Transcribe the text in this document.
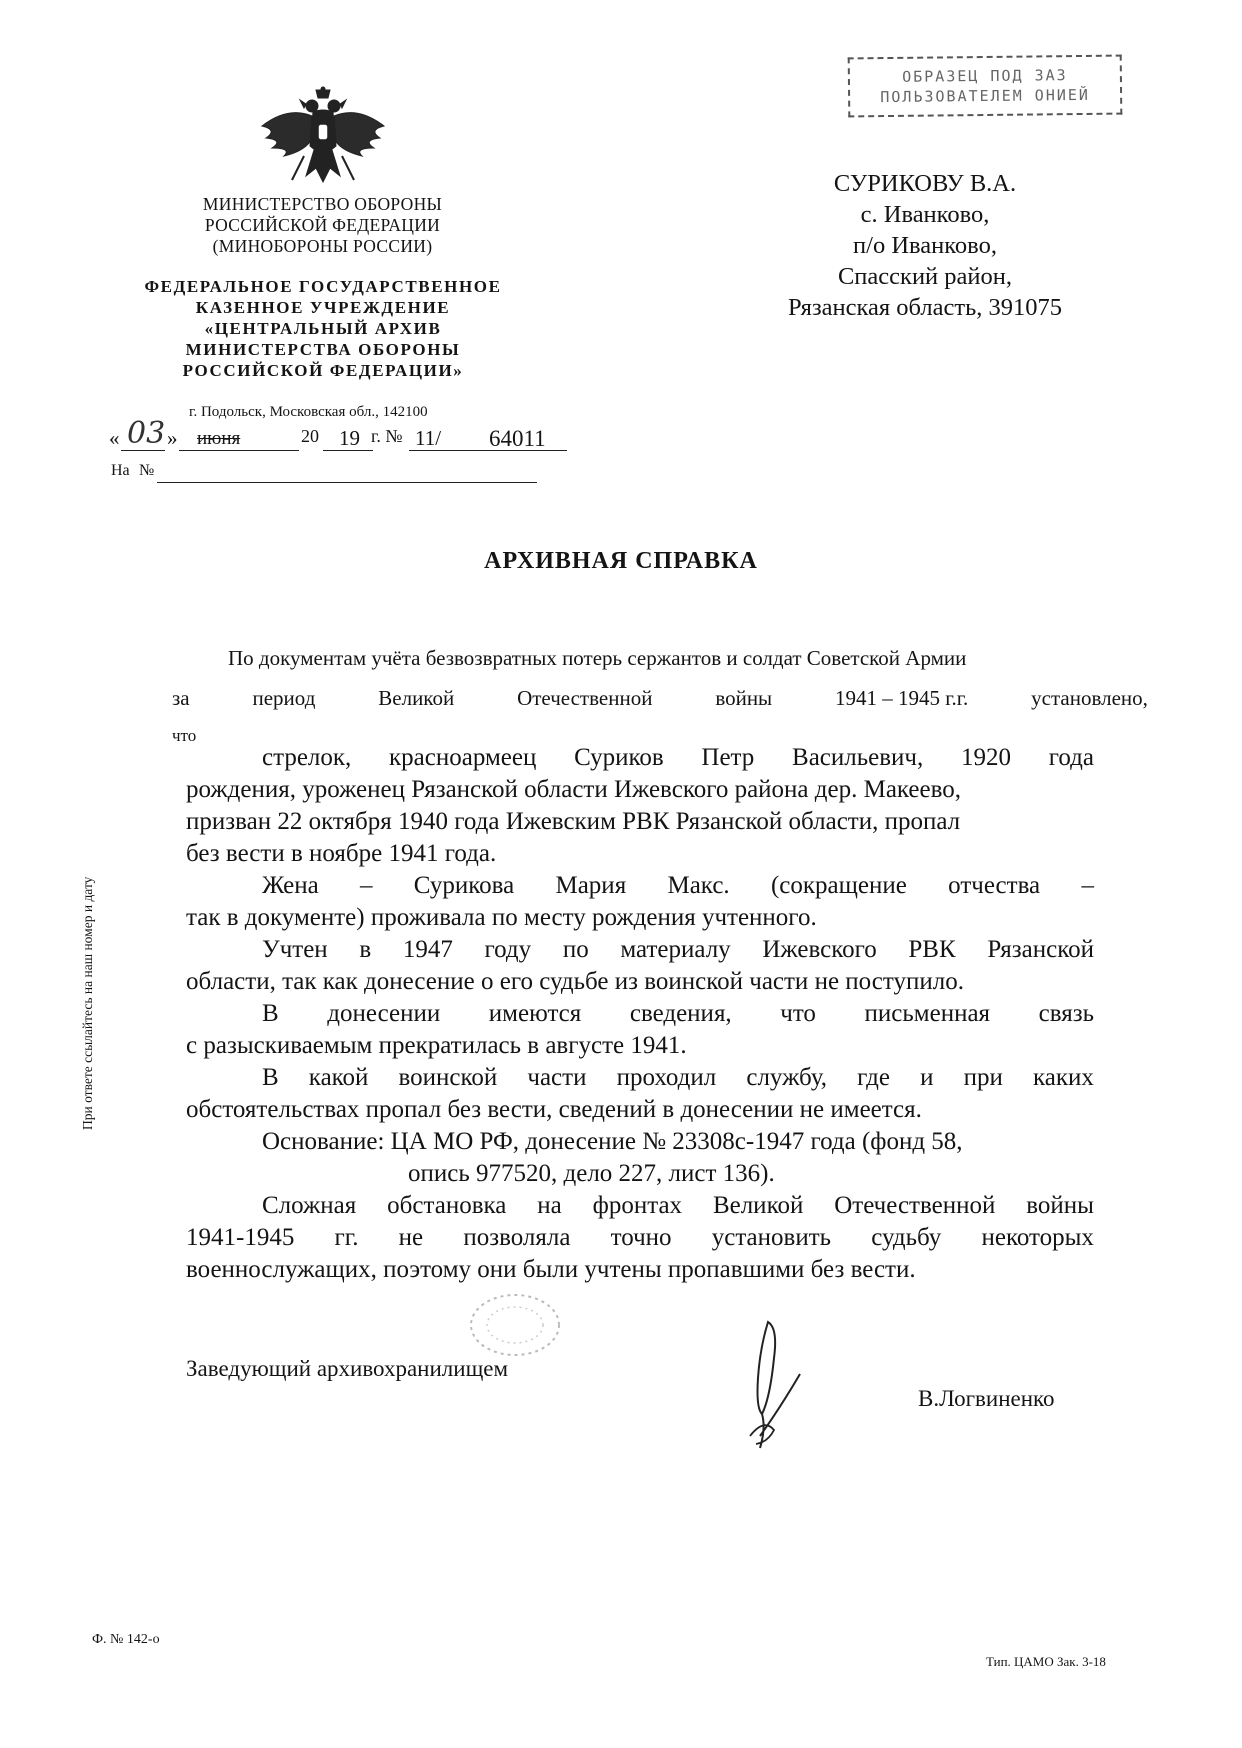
ОБРАЗЕЦ ПОД ЗАЗ
ПОЛЬЗОВАТЕЛЕМ ОНИЕЙ
МИНИСТЕРСТВО ОБОРОНЫ
РОССИЙСКОЙ ФЕДЕРАЦИИ
(МИНОБОРОНЫ РОССИИ)
ФЕДЕРАЛЬНОЕ ГОСУДАРСТВЕННОЕ
КАЗЕННОЕ УЧРЕЖДЕНИЕ
«ЦЕНТРАЛЬНЫЙ АРХИВ
МИНИСТЕРСТВА ОБОРОНЫ
РОССИЙСКОЙ ФЕДЕРАЦИИ»
г. Подольск, Московская обл., 142100
« 03 » июня	20 19 г. № 11/ 64011
На №
СУРИКОВУ В.А.
с. Иванково,
п/о Иванково,
Спасский район,
Рязанская область, 391075
АРХИВНАЯ СПРАВКА
По документам учёта безвозвратных потерь сержантов и солдат Советской Армии
за	период	Великой	Отечественной	войны	1941 – 1945 г.г.	установлено,
что
стрелок, красноармеец Суриков Петр Васильевич, 1920 года
рождения, уроженец Рязанской области Ижевского района дер. Макеево,
призван 22 октября 1940 года Ижевским РВК Рязанской области, пропал
без вести в ноябре 1941 года.
Жена – Сурикова Мария Макс. (сокращение отчества –
так в документе) проживала по месту рождения учтенного.
Учтен в 1947 году по материалу Ижевского РВК Рязанской
области, так как донесение о его судьбе из воинской части не поступило.
В донесении имеются сведения, что письменная связь
с разыскиваемым прекратилась в августе 1941.
В какой воинской части проходил службу, где и при каких
обстоятельствах пропал без вести, сведений в донесении не имеется.
Основание: ЦА МО РФ, донесение № 23308с-1947 года (фонд 58,
опись 977520, дело 227, лист 136).
Сложная обстановка на фронтах Великой Отечественной войны
1941-1945 гг. не позволяла точно установить судьбу некоторых
военнослужащих, поэтому они были учтены пропавшими без вести.
Заведующий архивохранилищем
В.Логвиненко
При ответе ссылайтесь на наш номер и дату
Ф. № 142-о
Тип. ЦАМО Зак. 3-18
